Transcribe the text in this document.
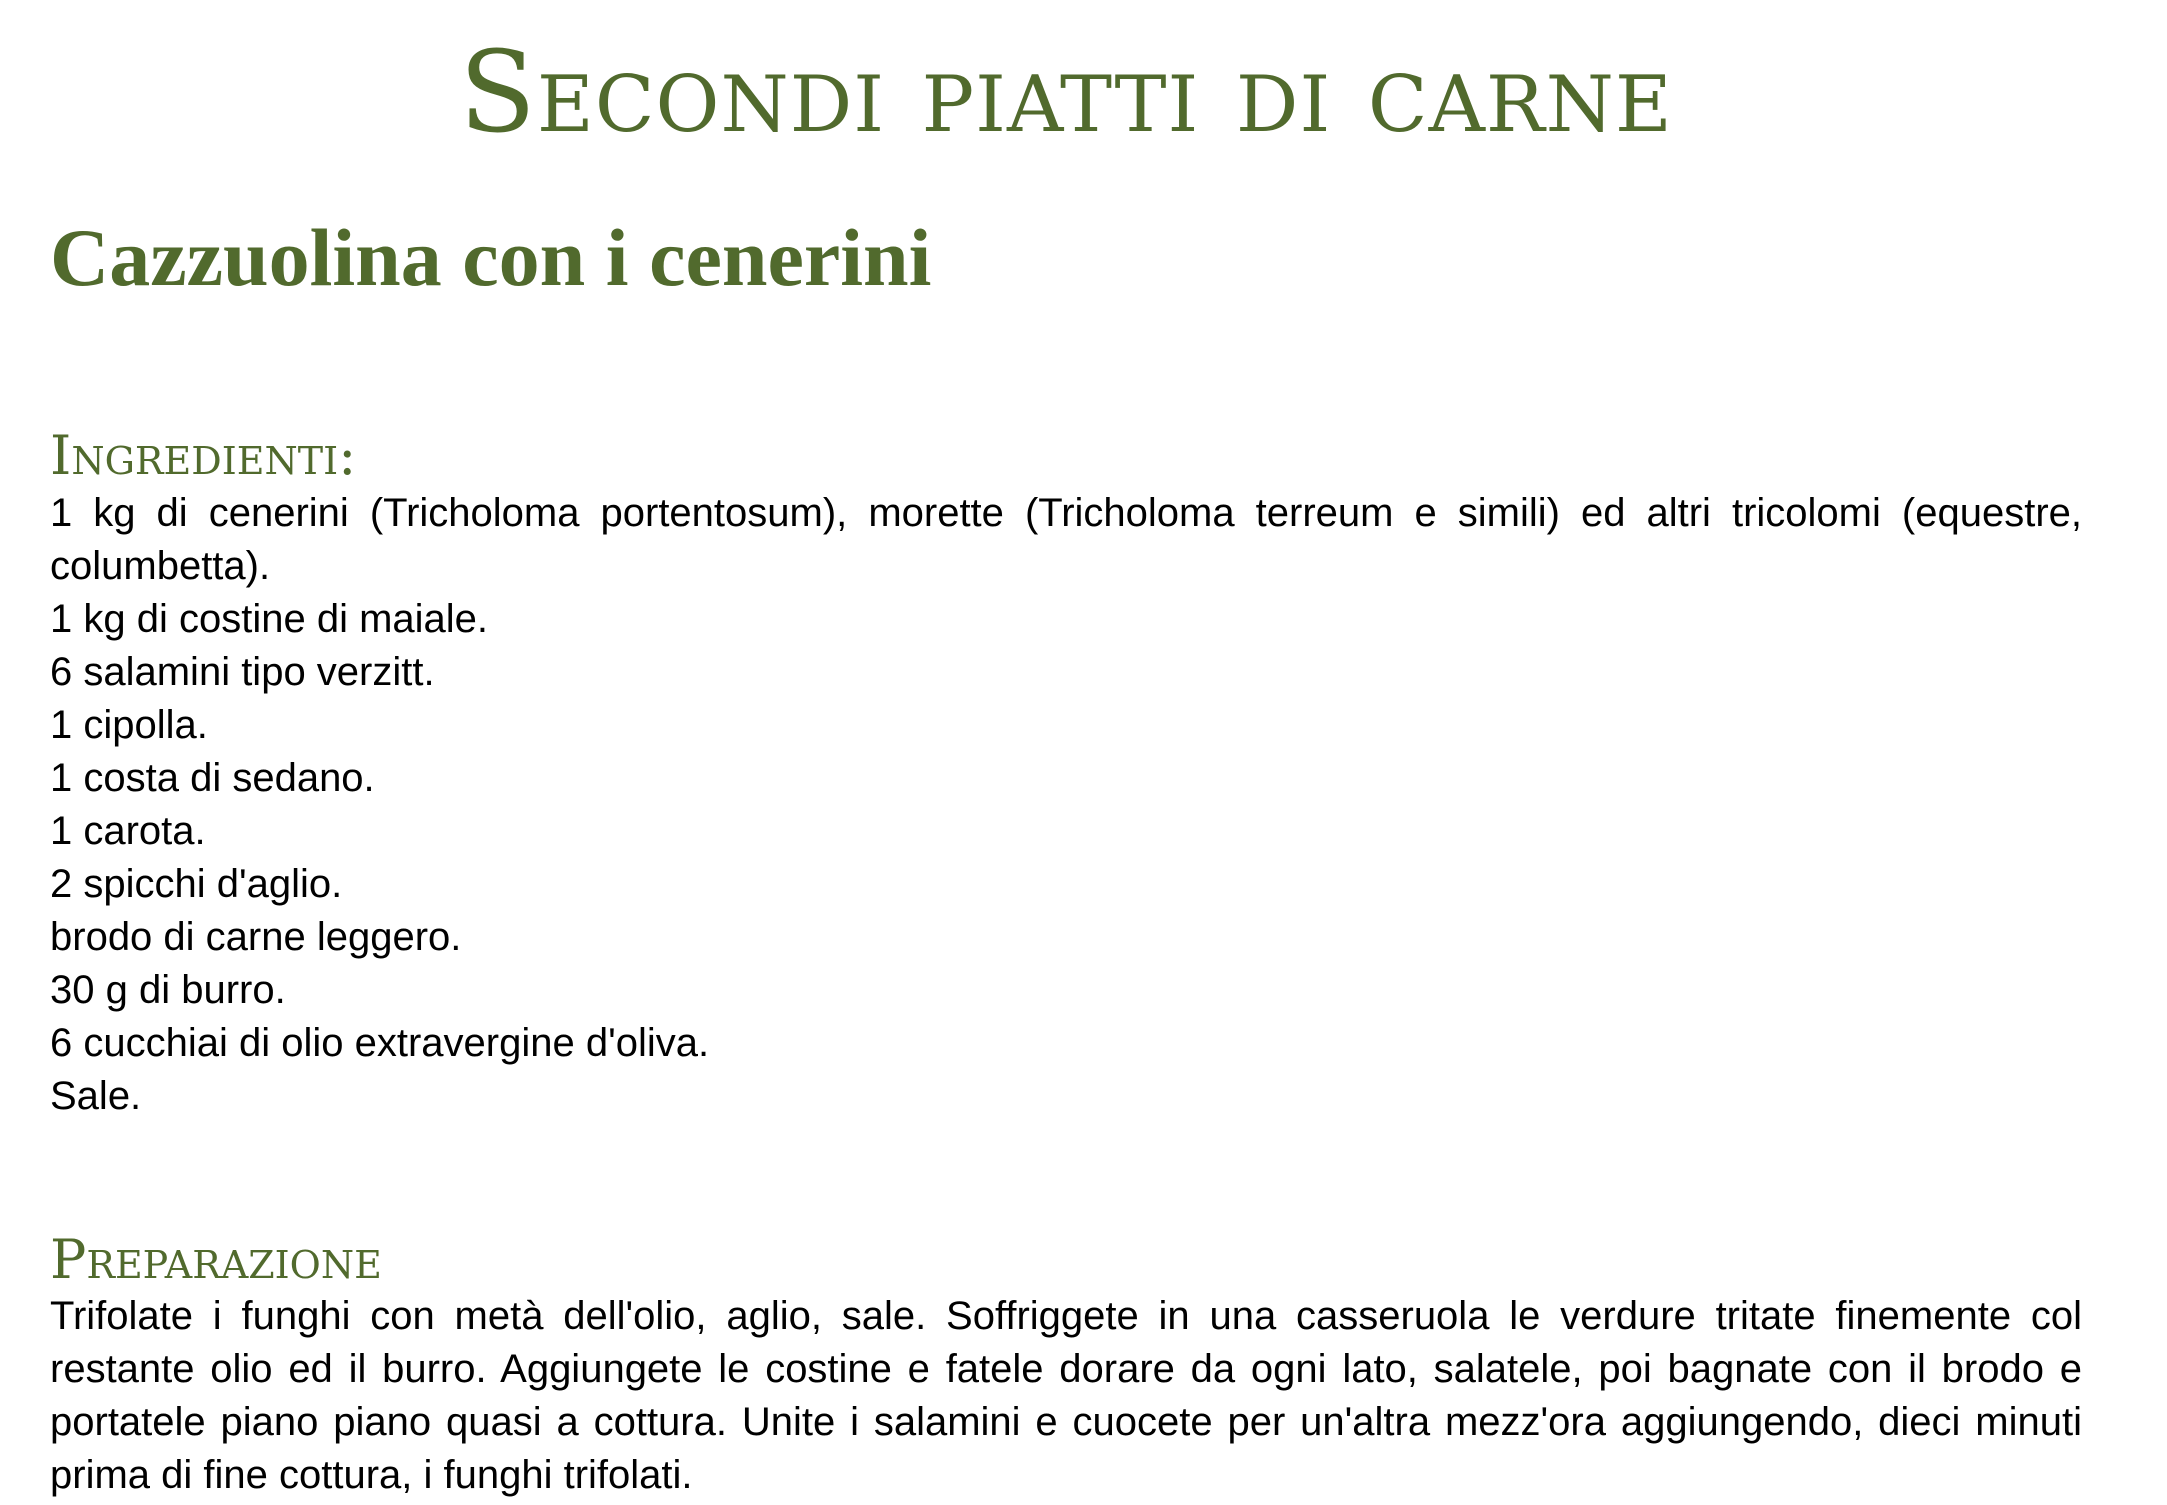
Secondi piatti di carne
Cazzuolina con i cenerini
Ingredienti:
1 kg di cenerini (Tricholoma portentosum), morette (Tricholoma terreum e simili) ed altri tricolomi (equestre, columbetta).
1 kg di costine di maiale.
6 salamini tipo verzitt.
1 cipolla.
1 costa di sedano.
1 carota.
2 spicchi d'aglio.
brodo di carne leggero.
30 g di burro.
6 cucchiai di olio extravergine d'oliva.
Sale.
Preparazione

Trifolate i funghi con metà dell'olio, aglio, sale. Soffriggete in una casseruola le verdure tritate finemente col restante olio ed il burro. Aggiungete le costine e fatele dorare da ogni lato, salatele, poi bagnate con il brodo e portatele piano piano quasi a cottura. Unite i salamini e cuocete per un'altra mezz'ora aggiungendo, dieci minuti prima di fine cottura, i funghi trifolati.
